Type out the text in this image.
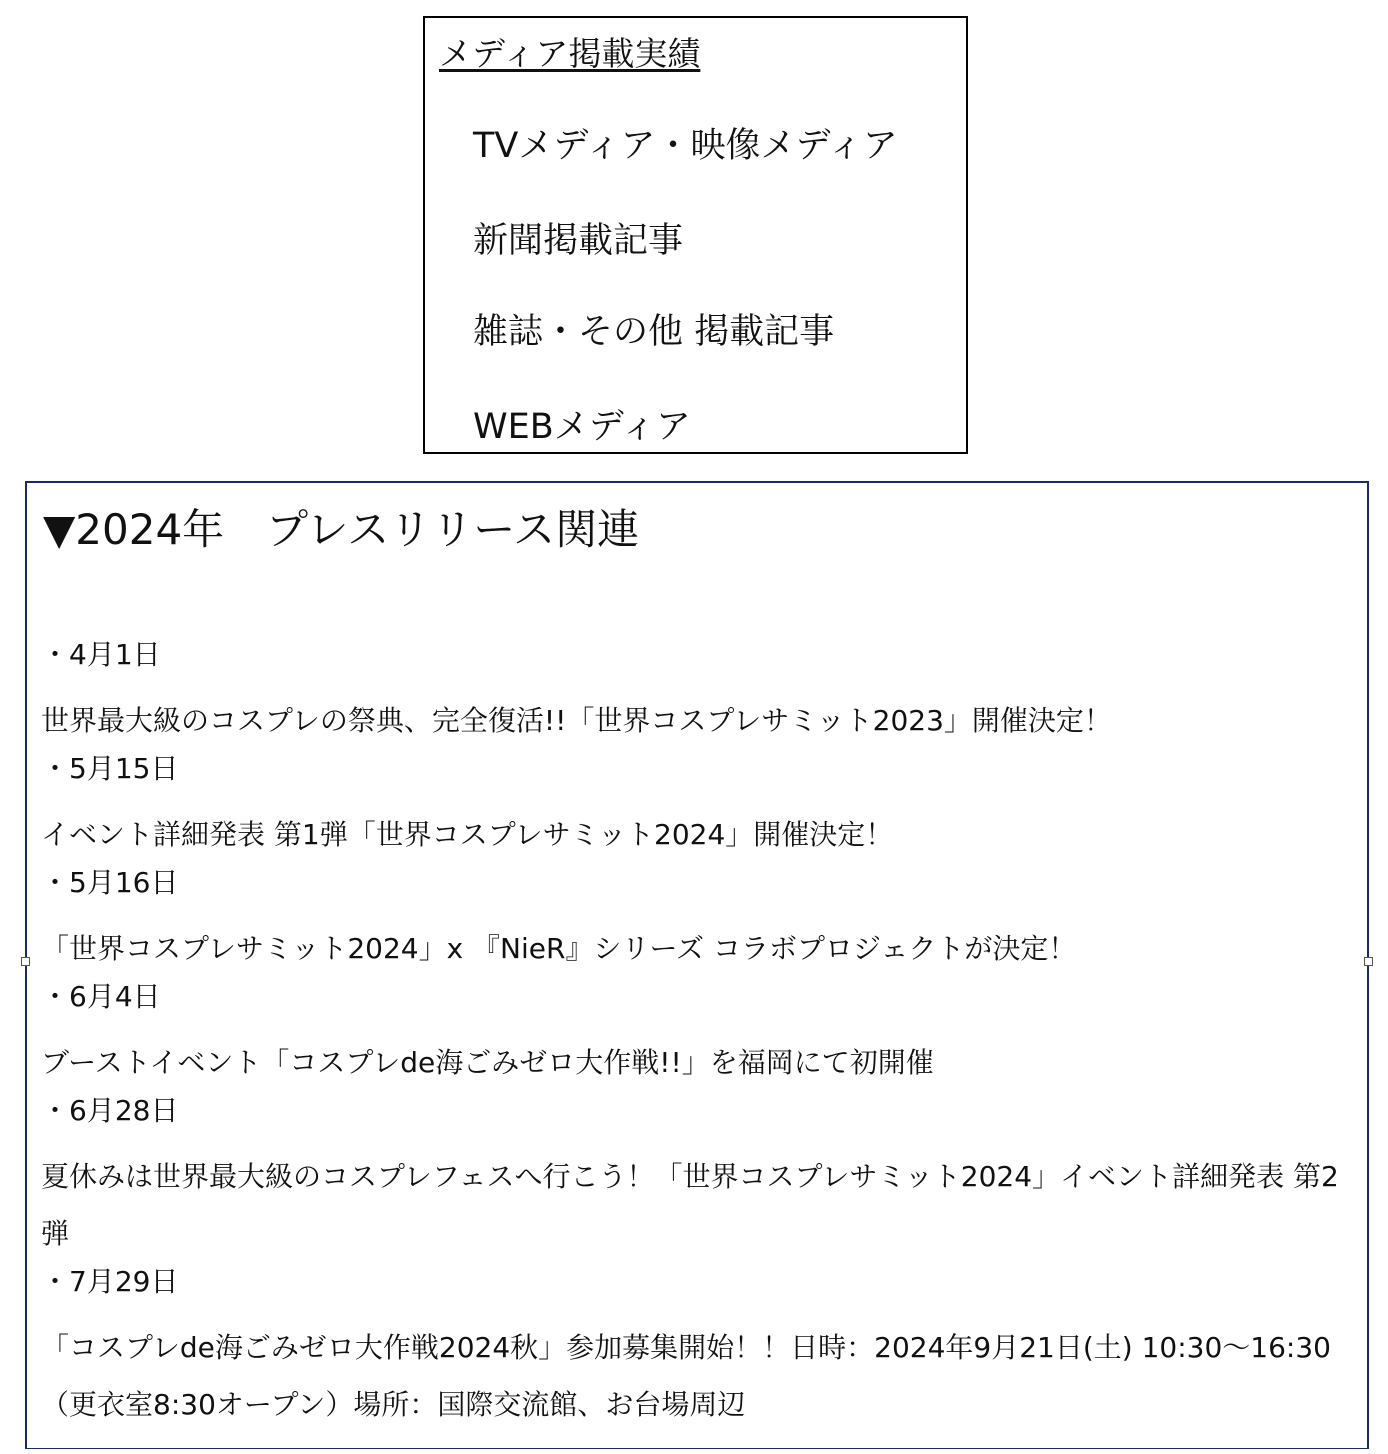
メディア掲載実績
TVメディア・映像メディア
新聞掲載記事
雑誌・その他 掲載記事
WEBメディア
▼2024年　プレスリリース関連
・4月1日
世界最大級のコスプレの祭典、完全復活!!「世界コスプレサミット2023」開催決定！
・5月15日
イベント詳細発表 第1弾「世界コスプレサミット2024」開催決定！
・5月16日
「世界コスプレサミット2024」x 『NieR』シリーズ コラボプロジェクトが決定！
・6月4日
ブーストイベント「コスプレde海ごみゼロ大作戦!!」を福岡にて初開催
・6月28日
夏休みは世界最大級のコスプレフェスへ行こう！「世界コスプレサミット2024」イベント詳細発表 第2弾
・7月29日
「コスプレde海ごみゼロ大作戦2024秋」参加募集開始！！日時：2024年9月21日(土) 10:30〜16:30（更衣室8:30オープン）場所：国際交流館、お台場周辺
